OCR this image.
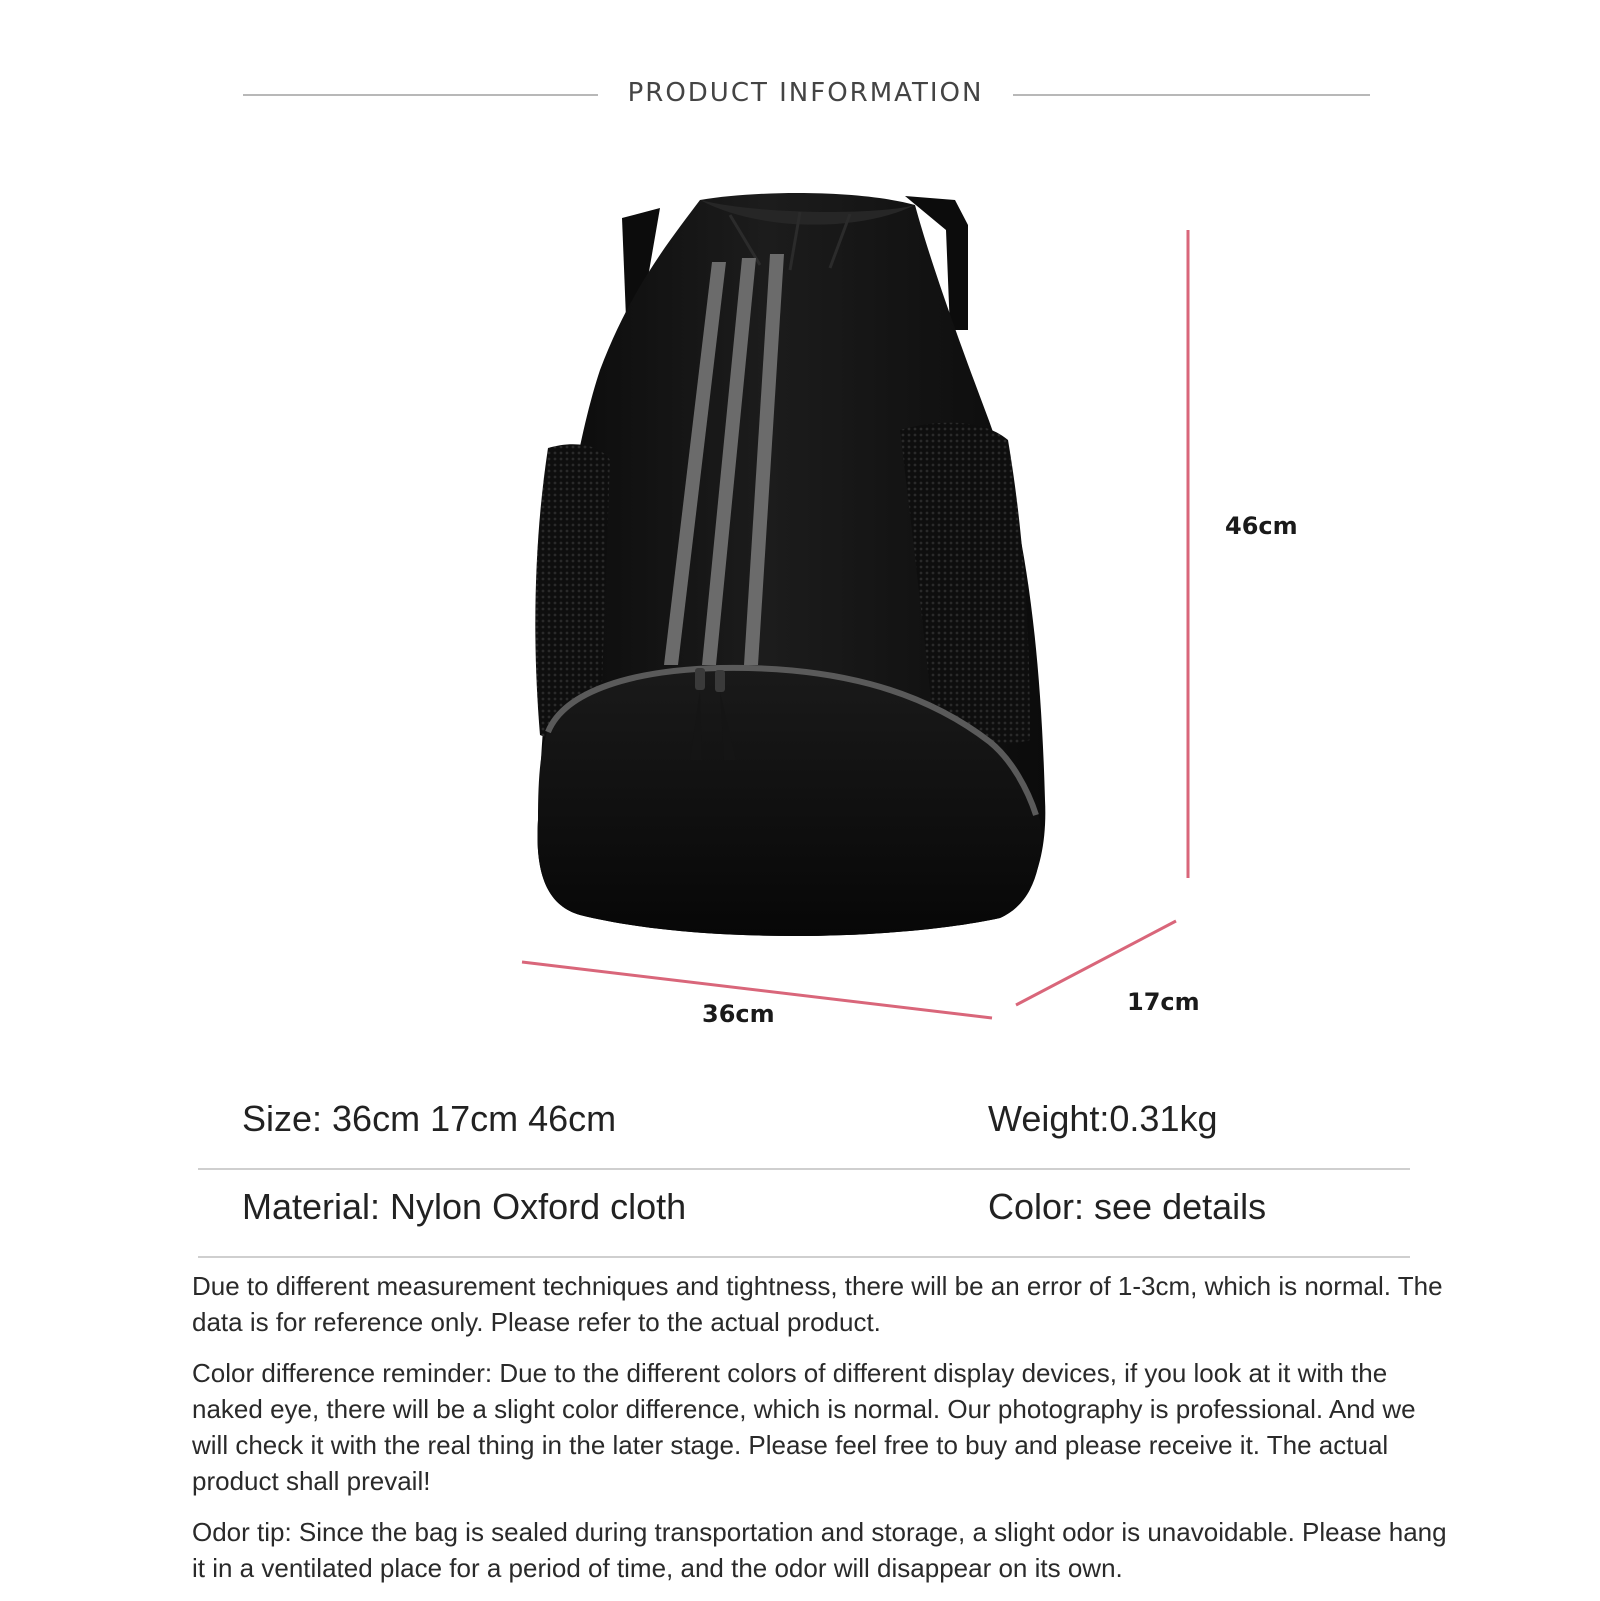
PRODUCT INFORMATION
46cm
36cm	17cm
Size: 36cm 17cm 46cm	Weight:0.31kg
Material: Nylon Oxford cloth	Color: see details

Due to different measurement techniques and tightness, there will be an error of 1-3cm, which is normal. The data is for reference only. Please refer to the actual product.

Color difference reminder: Due to the different colors of different display devices, if you look at it with the naked eye, there will be a slight color difference, which is normal. Our photography is professional. And we will check it with the real thing in the later stage. Please feel free to buy and please receive it. The actual product shall prevail!

Odor tip: Since the bag is sealed during transportation and storage, a slight odor is unavoidable. Please hang it in a ventilated place for a period of time, and the odor will disappear on its own.
